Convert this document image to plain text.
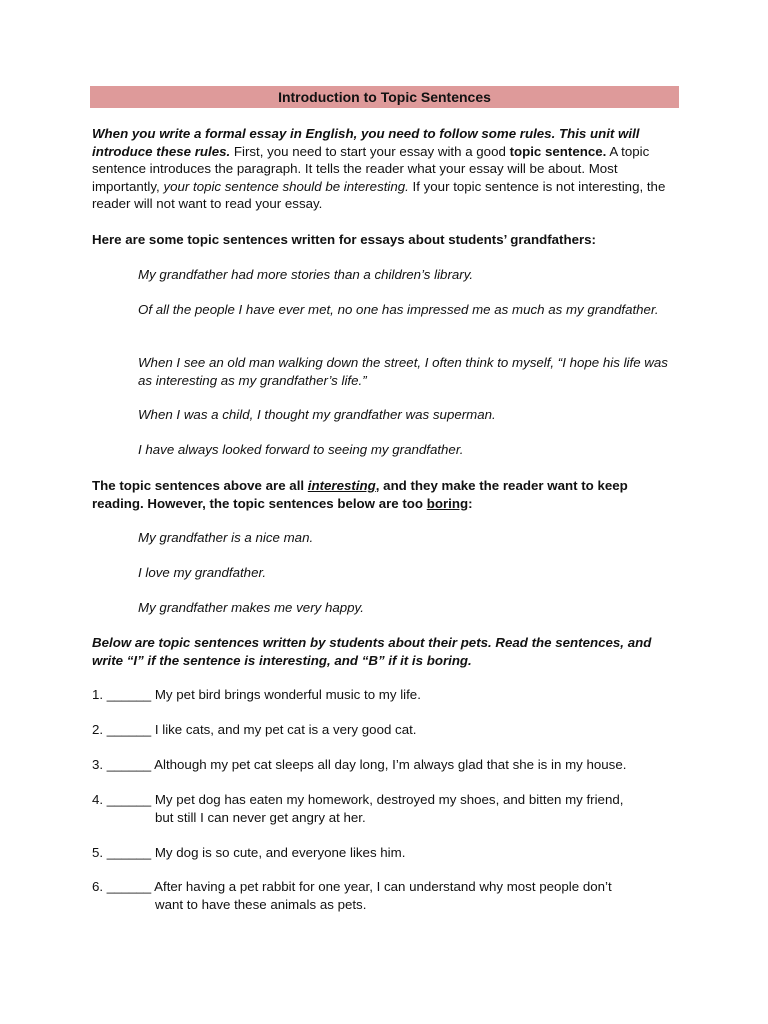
Introduction to Topic Sentences

When you write a formal essay in English, you need to follow some rules. This unit will introduce these rules. First, you need to start your essay with a good topic sentence. A topic sentence introduces the paragraph. It tells the reader what your essay will be about. Most importantly, your topic sentence should be interesting. If your topic sentence is not interesting, the reader will not want to read your essay.

Here are some topic sentences written for essays about students’ grandfathers:

My grandfather had more stories than a children’s library.

Of all the people I have ever met, no one has impressed me as much as my grandfather.

When I see an old man walking down the street, I often think to myself, “I hope his life was as interesting as my grandfather’s life.”

When I was a child, I thought my grandfather was superman.

I have always looked forward to seeing my grandfather.

The topic sentences above are all interesting, and they make the reader want to keep reading. However, the topic sentences below are too boring:

My grandfather is a nice man.

I love my grandfather.

My grandfather makes me very happy.

Below are topic sentences written by students about their pets. Read the sentences, and write “I” if the sentence is interesting, and “B” if it is boring.

1. ______ My pet bird brings wonderful music to my life.

2. ______ I like cats, and my pet cat is a very good cat.

3. ______ Although my pet cat sleeps all day long, I’m always glad that she is in my house.

4. ______ My pet dog has eaten my homework, destroyed my shoes, and bitten my friend,
but still I can never get angry at her.

5. ______ My dog is so cute, and everyone likes him.

6. ______ After having a pet rabbit for one year, I can understand why most people don’t
want to have these animals as pets.
